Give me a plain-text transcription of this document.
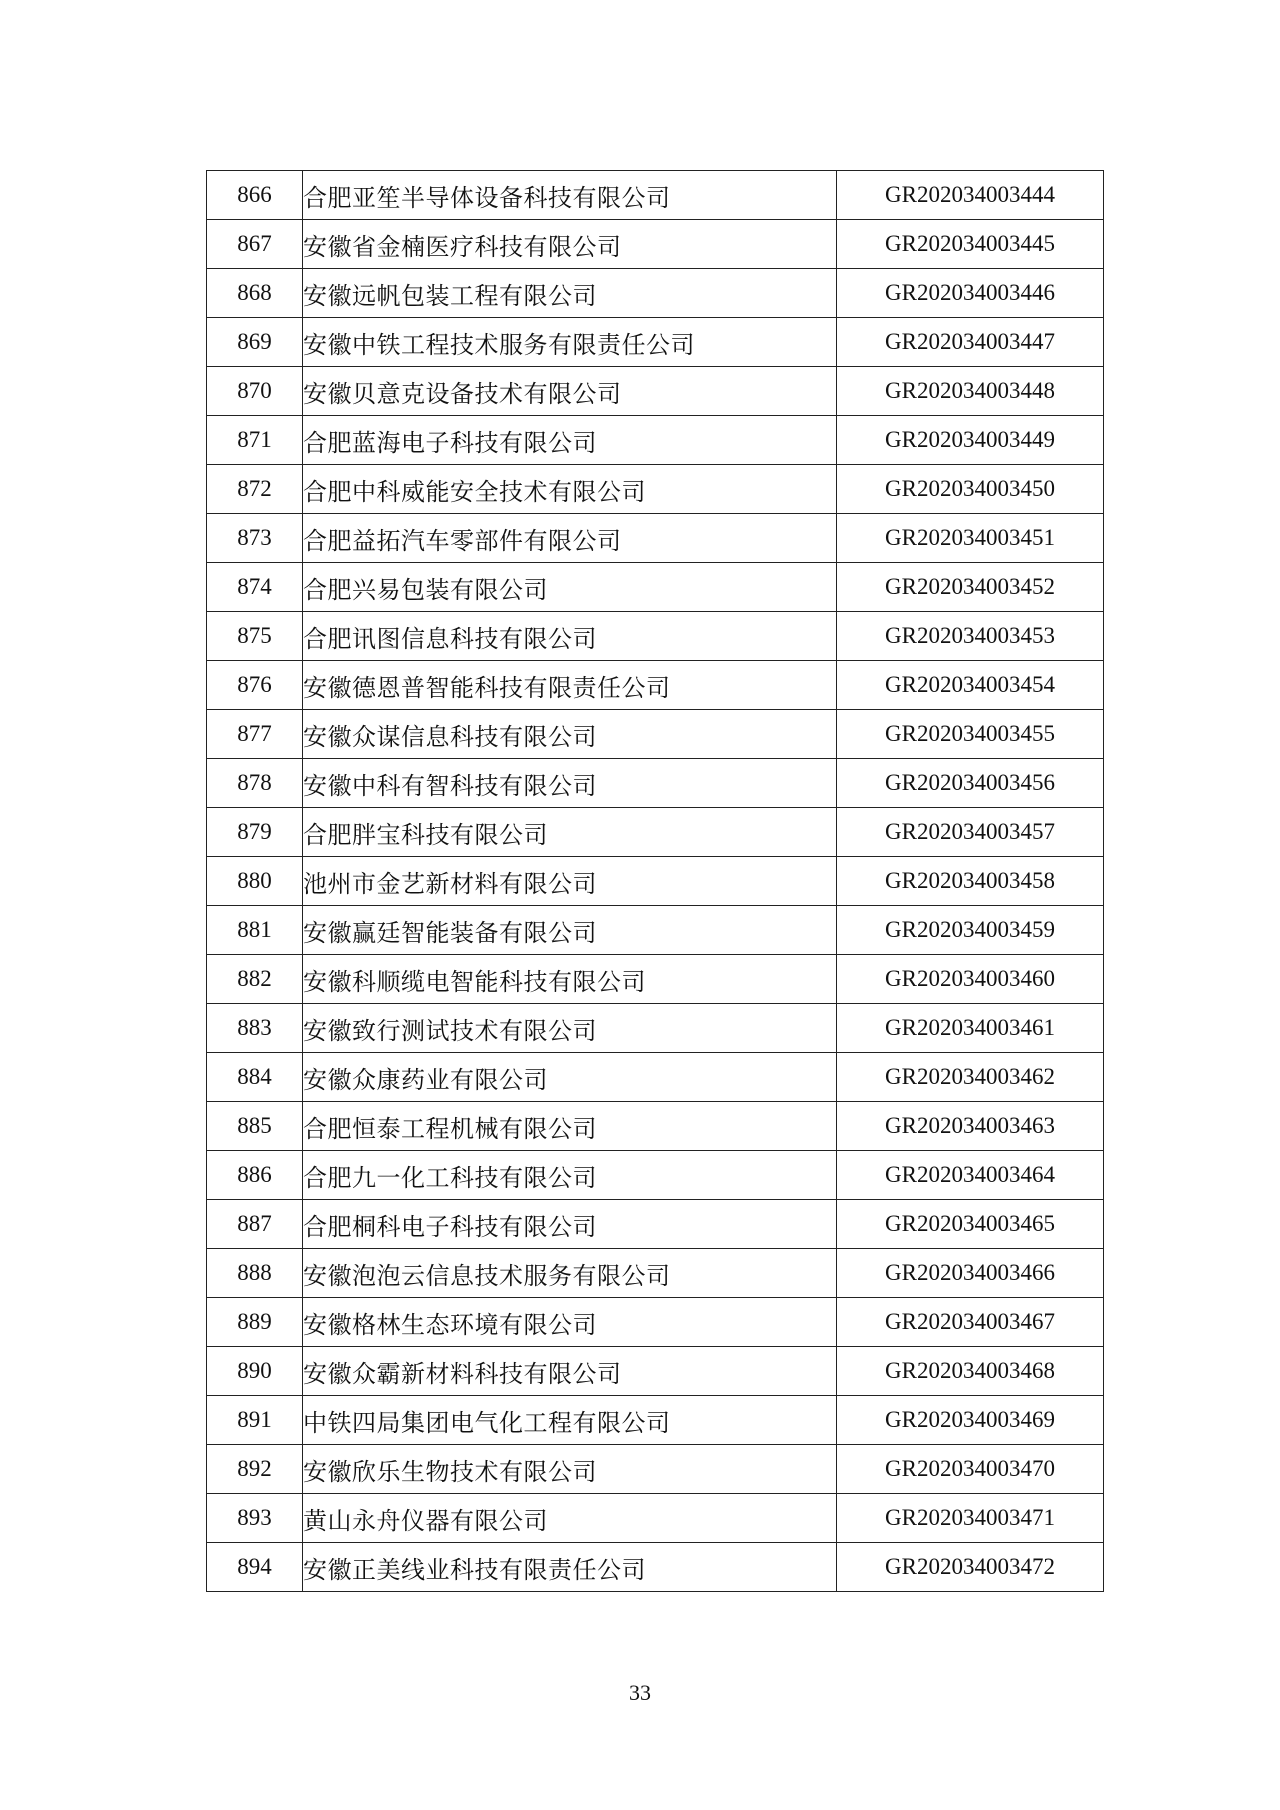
866	合肥亚笙半导体设备科技有限公司	GR202034003444
867	安徽省金楠医疗科技有限公司	GR202034003445
868	安徽远帆包装工程有限公司	GR202034003446
869	安徽中铁工程技术服务有限责任公司	GR202034003447
870	安徽贝意克设备技术有限公司	GR202034003448
871	合肥蓝海电子科技有限公司	GR202034003449
872	合肥中科威能安全技术有限公司	GR202034003450
873	合肥益拓汽车零部件有限公司	GR202034003451
874	合肥兴易包装有限公司	GR202034003452
875	合肥讯图信息科技有限公司	GR202034003453
876	安徽德恩普智能科技有限责任公司	GR202034003454
877	安徽众谋信息科技有限公司	GR202034003455
878	安徽中科有智科技有限公司	GR202034003456
879	合肥胖宝科技有限公司	GR202034003457
880	池州市金艺新材料有限公司	GR202034003458
881	安徽赢廷智能装备有限公司	GR202034003459
882	安徽科顺缆电智能科技有限公司	GR202034003460
883	安徽致行测试技术有限公司	GR202034003461
884	安徽众康药业有限公司	GR202034003462
885	合肥恒泰工程机械有限公司	GR202034003463
886	合肥九一化工科技有限公司	GR202034003464
887	合肥桐科电子科技有限公司	GR202034003465
888	安徽泡泡云信息技术服务有限公司	GR202034003466
889	安徽格林生态环境有限公司	GR202034003467
890	安徽众霸新材料科技有限公司	GR202034003468
891	中铁四局集团电气化工程有限公司	GR202034003469
892	安徽欣乐生物技术有限公司	GR202034003470
893	黄山永舟仪器有限公司	GR202034003471
894	安徽正美线业科技有限责任公司	GR202034003472
33
